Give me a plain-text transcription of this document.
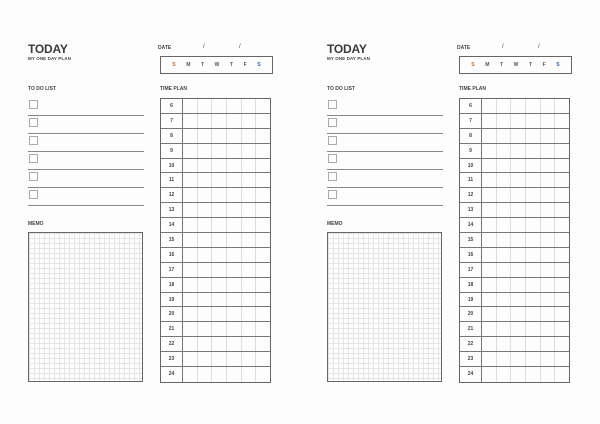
TODAY
MY ONE DAY PLAN
DATE	/	/
S M T W T F S
TO DO LIST	TIME PLAN
6
7
8
9
10
11
12
13
14
15
16
17
18
19
20
21
22
23
24
MEMO
TODAY
MY ONE DAY PLAN
DATE	/	/
S M T W T F S
TO DO LIST	TIME PLAN
6
7
8
9
10
11
12
13
14
15
16
17
18
19
20
21
22
23
24
MEMO
